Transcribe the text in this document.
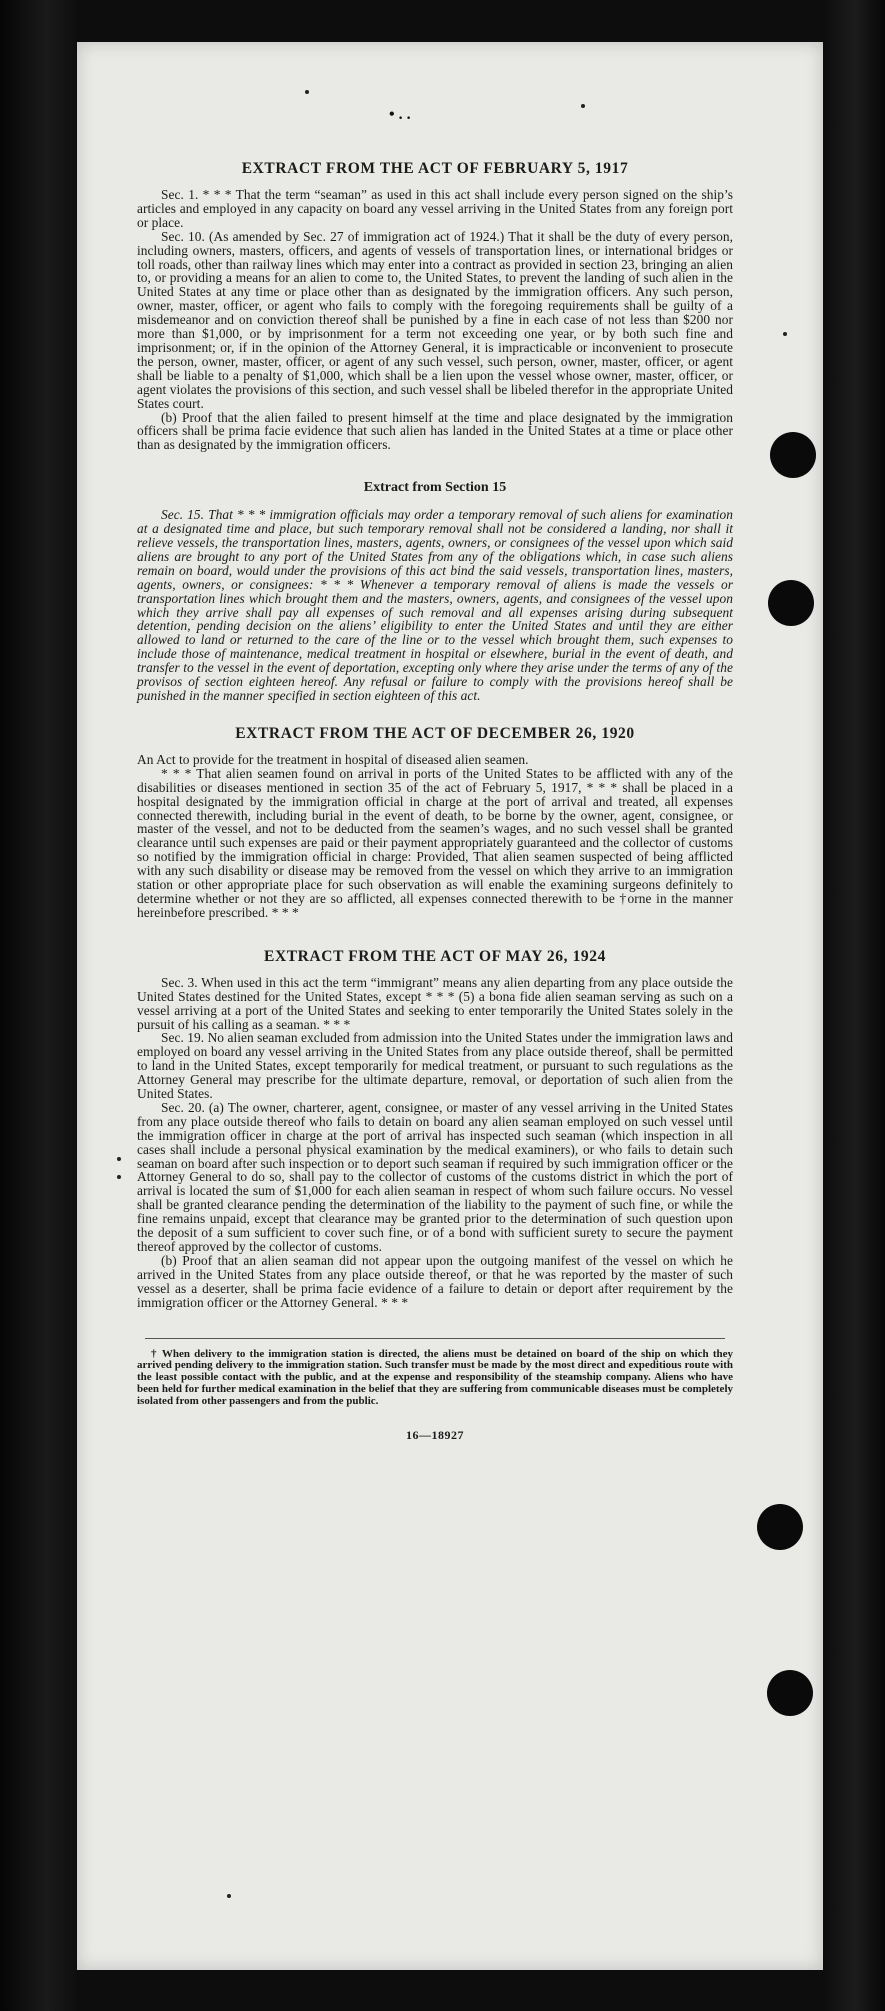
• . .

EXTRACT FROM THE ACT OF FEBRUARY 5, 1917

Sec. 1. * * * That the term “seaman” as used in this act shall include every person signed on the ship’s articles and employed in any capacity on board any vessel arriving in the United States from any foreign port or place.

Sec. 10. (As amended by Sec. 27 of immigration act of 1924.) That it shall be the duty of every person, including owners, masters, officers, and agents of vessels of transportation lines, or international bridges or toll roads, other than railway lines which may enter into a contract as provided in section 23, bringing an alien to, or providing a means for an alien to come to, the United States, to prevent the landing of such alien in the United States at any time or place other than as designated by the immigration officers. Any such person, owner, master, officer, or agent who fails to comply with the foregoing requirements shall be guilty of a misdemeanor and on conviction thereof shall be punished by a fine in each case of not less than $200 nor more than $1,000, or by imprisonment for a term not exceeding one year, or by both such fine and imprisonment; or, if in the opinion of the Attorney General, it is impracticable or inconvenient to prosecute the person, owner, master, officer, or agent of any such vessel, such person, owner, master, officer, or agent shall be liable to a penalty of $1,000, which shall be a lien upon the vessel whose owner, master, officer, or agent violates the provisions of this section, and such vessel shall be libeled therefor in the appropriate United States court.

(b) Proof that the alien failed to present himself at the time and place designated by the immigration officers shall be prima facie evidence that such alien has landed in the United States at a time or place other than as designated by the immigration officers.

Extract from Section 15

Sec. 15. That * * * immigration officials may order a temporary removal of such aliens for examination at a designated time and place, but such temporary removal shall not be considered a landing, nor shall it relieve vessels, the transportation lines, masters, agents, owners, or consignees of the vessel upon which said aliens are brought to any port of the United States from any of the obligations which, in case such aliens remain on board, would under the provisions of this act bind the said vessels, transportation lines, masters, agents, owners, or consignees: * * * Whenever a temporary removal of aliens is made the vessels or transportation lines which brought them and the masters, owners, agents, and consignees of the vessel upon which they arrive shall pay all expenses of such removal and all expenses arising during subsequent detention, pending decision on the aliens’ eligibility to enter the United States and until they are either allowed to land or returned to the care of the line or to the vessel which brought them, such expenses to include those of maintenance, medical treatment in hospital or elsewhere, burial in the event of death, and transfer to the vessel in the event of deportation, excepting only where they arise under the terms of any of the provisos of section eighteen hereof. Any refusal or failure to comply with the provisions hereof shall be punished in the manner specified in section eighteen of this act.

EXTRACT FROM THE ACT OF DECEMBER 26, 1920

An Act to provide for the treatment in hospital of diseased alien seamen.

* * * That alien seamen found on arrival in ports of the United States to be afflicted with any of the disabilities or diseases mentioned in section 35 of the act of February 5, 1917, * * * shall be placed in a hospital designated by the immigration official in charge at the port of arrival and treated, all expenses connected therewith, including burial in the event of death, to be borne by the owner, agent, consignee, or master of the vessel, and not to be deducted from the seamen’s wages, and no such vessel shall be granted clearance until such expenses are paid or their payment appropriately guaranteed and the collector of customs so notified by the immigration official in charge: Provided, That alien seamen suspected of being afflicted with any such disability or disease may be removed from the vessel on which they arrive to an immigration station or other appropriate place for such observation as will enable the examining surgeons definitely to determine whether or not they are so afflicted, all expenses connected therewith to be †orne in the manner hereinbefore prescribed. * * *

EXTRACT FROM THE ACT OF MAY 26, 1924

Sec. 3. When used in this act the term “immigrant” means any alien departing from any place outside the United States destined for the United States, except * * * (5) a bona fide alien seaman serving as such on a vessel arriving at a port of the United States and seeking to enter temporarily the United States solely in the pursuit of his calling as a seaman. * * *

Sec. 19. No alien seaman excluded from admission into the United States under the immigration laws and employed on board any vessel arriving in the United States from any place outside thereof, shall be permitted to land in the United States, except temporarily for medical treatment, or pursuant to such regulations as the Attorney General may prescribe for the ultimate departure, removal, or deportation of such alien from the United States.

Sec. 20. (a) The owner, charterer, agent, consignee, or master of any vessel arriving in the United States from any place outside thereof who fails to detain on board any alien seaman employed on such vessel until the immigration officer in charge at the port of arrival has inspected such seaman (which inspection in all cases shall include a personal physical examination by the medical examiners), or who fails to detain such seaman on board after such inspection or to deport such seaman if required by such immigration officer or the Attorney General to do so, shall pay to the collector of customs of the customs district in which the port of arrival is located the sum of $1,000 for each alien seaman in respect of whom such failure occurs. No vessel shall be granted clearance pending the determination of the liability to the payment of such fine, or while the fine remains unpaid, except that clearance may be granted prior to the determination of such question upon the deposit of a sum sufficient to cover such fine, or of a bond with sufficient surety to secure the payment thereof approved by the collector of customs.

(b) Proof that an alien seaman did not appear upon the outgoing manifest of the vessel on which he arrived in the United States from any place outside thereof, or that he was reported by the master of such vessel as a deserter, shall be prima facie evidence of a failure to detain or deport after requirement by the immigration officer or the Attorney General. * * *

† When delivery to the immigration station is directed, the aliens must be detained on board of the ship on which they arrived pending delivery to the immigration station. Such transfer must be made by the most direct and expeditious route with the least possible contact with the public, and at the expense and responsibility of the steamship company. Aliens who have been held for further medical examination in the belief that they are suffering from communicable diseases must be completely isolated from other passengers and from the public.

16—18927
